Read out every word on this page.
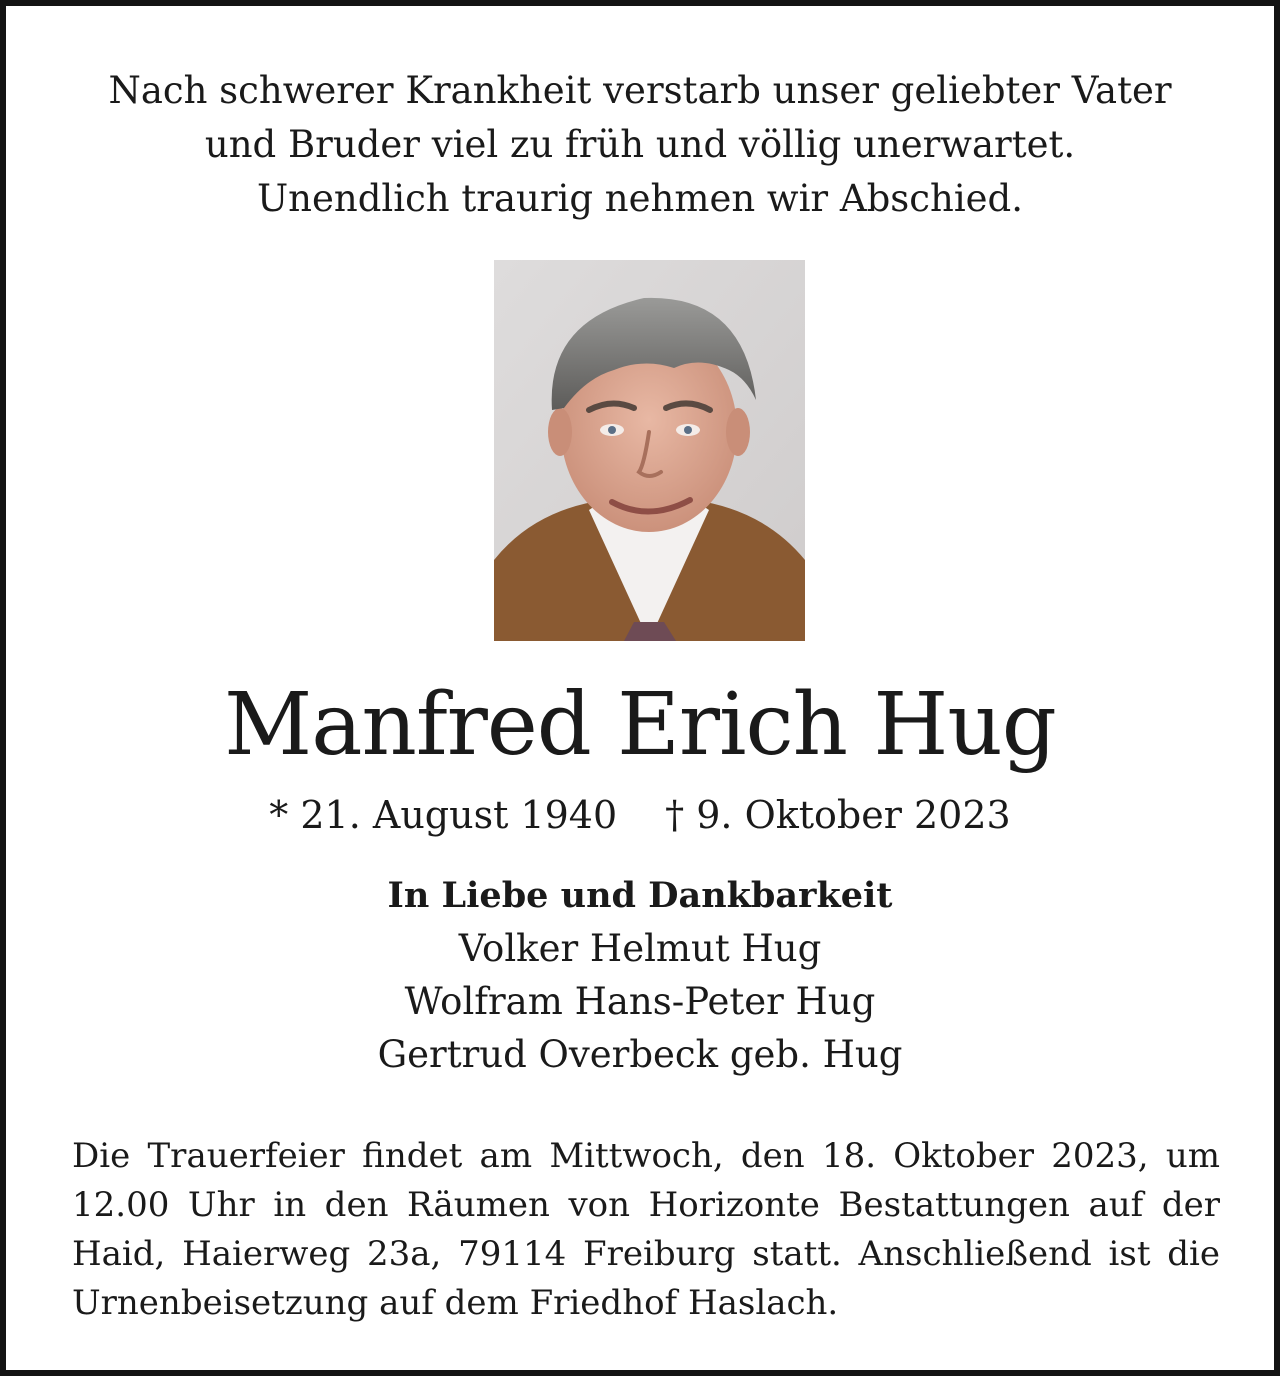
Nach schwerer Krankheit verstarb unser geliebter Vater
und Bruder viel zu früh und völlig unerwartet.
Unendlich traurig nehmen wir Abschied.
Manfred Erich Hug
* 21. August 1940 † 9. Oktober 2023
In Liebe und Dankbarkeit
Volker Helmut Hug
Wolfram Hans-Peter Hug
Gertrud Overbeck geb. Hug
Die Trauerfeier findet am Mittwoch, den 18. Oktober 2023, um
12.00 Uhr in den Räumen von Horizonte Bestattungen auf der
Haid, Haierweg 23a, 79114 Freiburg statt. Anschließend ist die
Urnenbeisetzung auf dem Friedhof Haslach.
